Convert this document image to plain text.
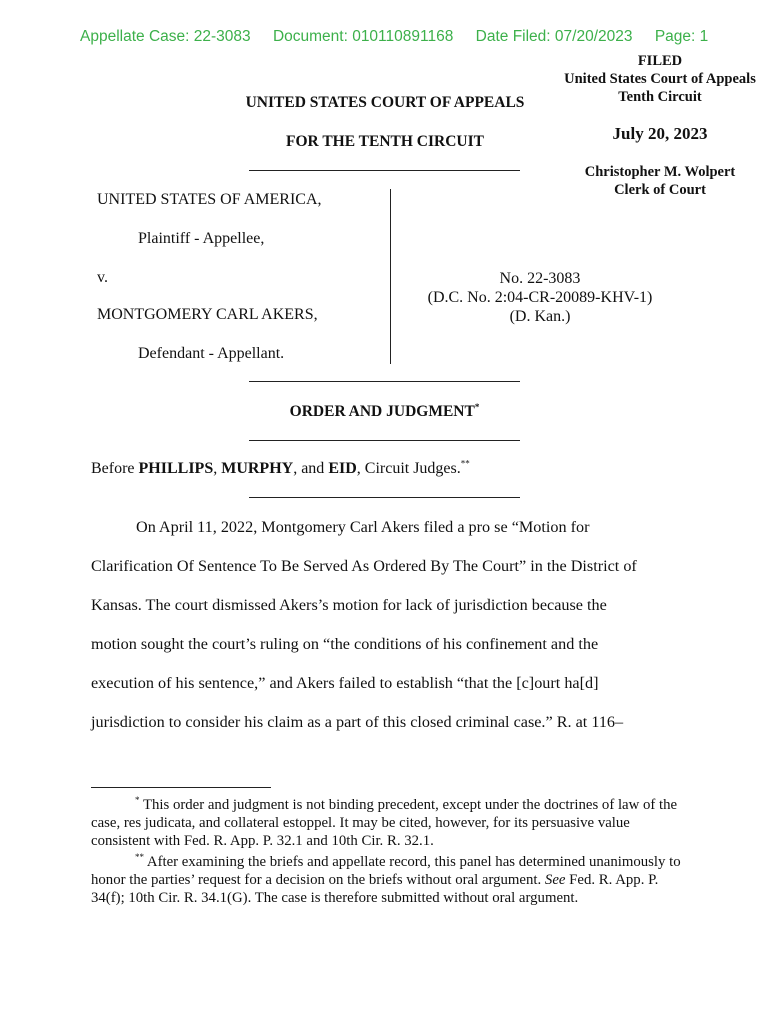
Appellate Case: 22-3083 Document: 010110891168 Date Filed: 07/20/2023 Page: 1
FILED
United States Court of Appeals
Tenth Circuit
July 20, 2023
Christopher M. Wolpert
Clerk of Court
UNITED STATES COURT OF APPEALS
FOR THE TENTH CIRCUIT
UNITED STATES OF AMERICA,
Plaintiff - Appellee,
v.
MONTGOMERY CARL AKERS,
Defendant - Appellant.
No. 22-3083
(D.C. No. 2:04-CR-20089-KHV-1)
(D. Kan.)
ORDER AND JUDGMENT*
Before PHILLIPS, MURPHY, and EID, Circuit Judges.**
On April 11, 2022, Montgomery Carl Akers filed a pro se “Motion for
Clarification Of Sentence To Be Served As Ordered By The Court” in the District of
Kansas. The court dismissed Akers’s motion for lack of jurisdiction because the
motion sought the court’s ruling on “the conditions of his confinement and the
execution of his sentence,” and Akers failed to establish “that the [c]ourt ha[d]
jurisdiction to consider his claim as a part of this closed criminal case.” R. at 116–
* This order and judgment is not binding precedent, except under the doctrines of law of the case, res judicata, and collateral estoppel. It may be cited, however, for its persuasive value consistent with Fed. R. App. P. 32.1 and 10th Cir. R. 32.1.
** After examining the briefs and appellate record, this panel has determined unanimously to honor the parties’ request for a decision on the briefs without oral argument. See Fed. R. App. P. 34(f); 10th Cir. R. 34.1(G). The case is therefore submitted without oral argument.
